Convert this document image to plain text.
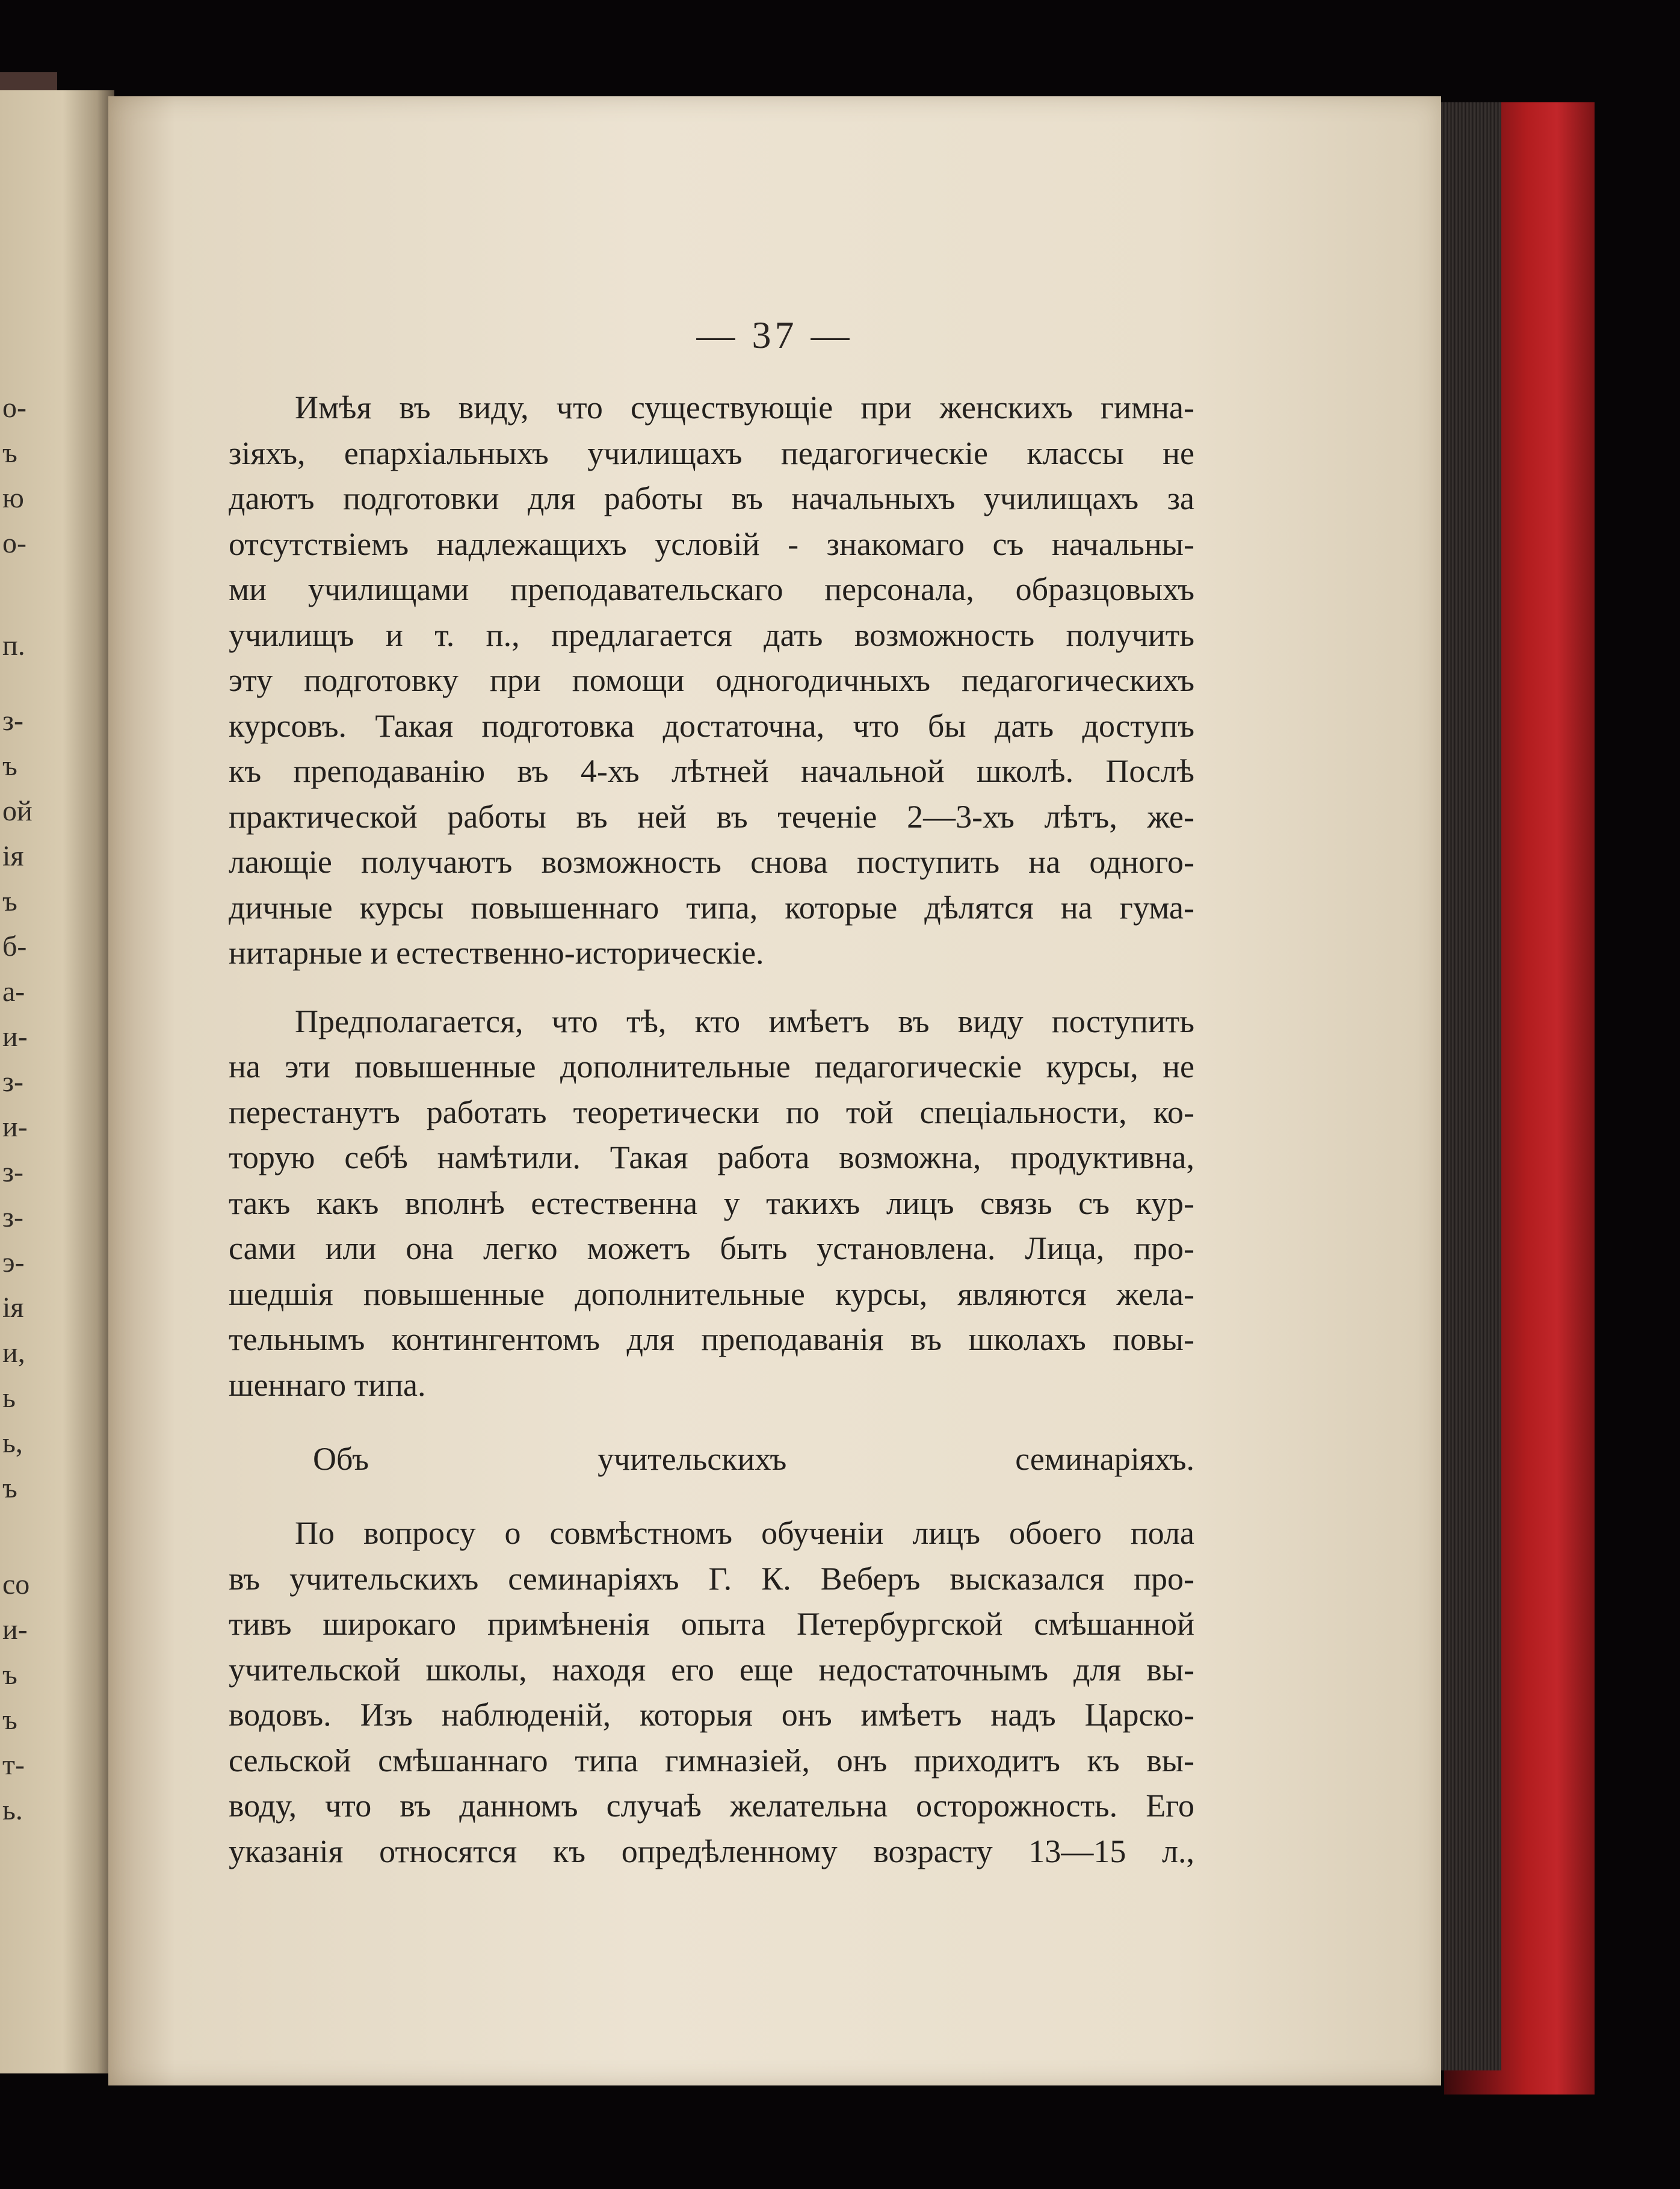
о-
ъ
ю
о-
п.
з-
ъ
ой
ія
ъ
б-
а-
и-
з-
и-
з-
з-
э-
ія
и,
ь
ь,
ъ
со
и-
ъ
ъ
т-
ь.
— 37 —
Имѣя въ виду, что существующіе при женскихъ гимна-
зіяхъ, епархіальныхъ училищахъ педагогическіе классы не
даютъ подготовки для работы въ начальныхъ училищахъ за
отсутствіемъ надлежащихъ условій - знакомаго съ начальны-
ми училищами преподавательскаго персонала, образцовыхъ
училищъ и т. п., предлагается дать возможность получить
эту подготовку при помощи одногодичныхъ педагогическихъ
курсовъ. Такая подготовка достаточна, что бы дать доступъ
къ преподаванію въ 4-хъ лѣтней начальной школѣ. Послѣ
практической работы въ ней въ теченіе 2—3-хъ лѣтъ, же-
лающіе получаютъ возможность снова поступить на одного-
дичные курсы повышеннаго типа, которые дѣлятся на гума-
нитарные и естественно-историческіе.
Предполагается, что тѣ, кто имѣетъ въ виду поступить
на эти повышенные дополнительные педагогическіе курсы, не
перестанутъ работать теоретически по той спеціальности, ко-
торую себѣ намѣтили. Такая работа возможна, продуктивна,
такъ какъ вполнѣ естественна у такихъ лицъ связь съ кур-
сами или она легко можетъ быть установлена. Лица, про-
шедшія повышенные дополнительные курсы, являются жела-
тельнымъ контингентомъ для преподаванія въ школахъ повы-
шеннаго типа.
Объ учительскихъ семинаріяхъ.
По вопросу о совмѣстномъ обученіи лицъ обоего пола
въ учительскихъ семинаріяхъ Г. К. Веберъ высказался про-
тивъ широкаго примѣненія опыта Петербургской смѣшанной
учительской школы, находя его еще недостаточнымъ для вы-
водовъ. Изъ наблюденій, которыя онъ имѣетъ надъ Царско-
сельской смѣшаннаго типа гимназіей, онъ приходитъ къ вы-
воду, что въ данномъ случаѣ желательна осторожность. Его
указанія относятся къ опредѣленному возрасту 13—15 л.,
